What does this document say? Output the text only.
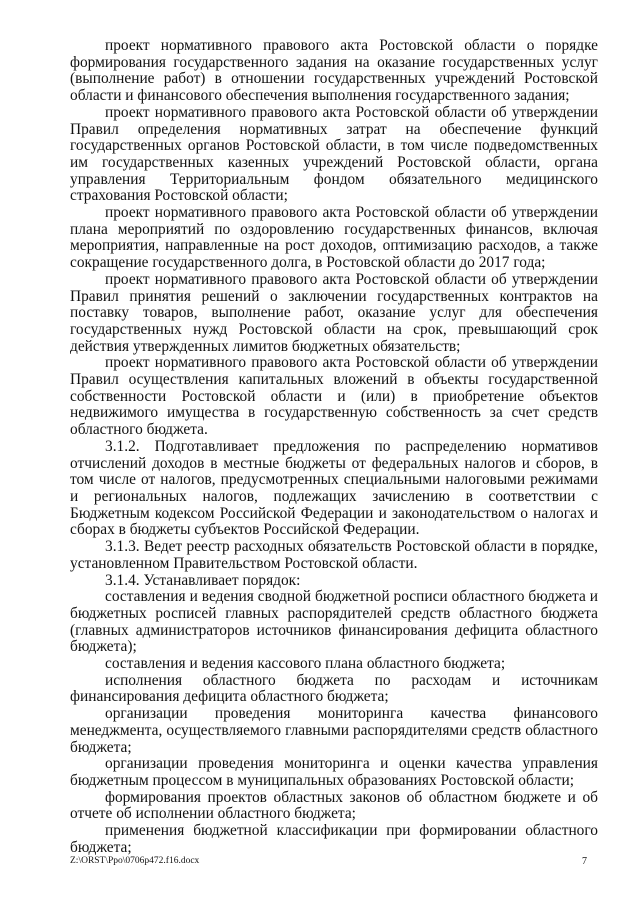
проект нормативного правового акта Ростовской области о порядке формирования государственного задания на оказание государственных услуг (выполнение работ) в отношении государственных учреждений Ростовской области и финансового обеспечения выполнения государственного задания;

проект нормативного правового акта Ростовской области об утверждении Правил определения нормативных затрат на обеспечение функций государственных органов Ростовской области, в том числе подведомственных им государственных казенных учреждений Ростовской области, органа управления Территориальным фондом обязательного медицинского страхования Ростовской области;

проект нормативного правового акта Ростовской области об утверждении плана мероприятий по оздоровлению государственных финансов, включая мероприятия, направленные на рост доходов, оптимизацию расходов, а также сокращение государственного долга, в Ростовской области до 2017 года;

проект нормативного правового акта Ростовской области об утверждении Правил принятия решений о заключении государственных контрактов на поставку товаров, выполнение работ, оказание услуг для обеспечения государственных нужд Ростовской области на срок, превышающий срок действия утвержденных лимитов бюджетных обязательств;

проект нормативного правового акта Ростовской области об утверждении Правил осуществления капитальных вложений в объекты государственной собственности Ростовской области и (или) в приобретение объектов недвижимого имущества в государственную собственность за счет средств областного бюджета.

3.1.2. Подготавливает предложения по распределению нормативов отчислений доходов в местные бюджеты от федеральных налогов и сборов, в том числе от налогов, предусмотренных специальными налоговыми режимами и региональных налогов, подлежащих зачислению в соответствии с Бюджетным кодексом Российской Федерации и законодательством о налогах и сборах в бюджеты субъектов Российской Федерации.

3.1.3. Ведет реестр расходных обязательств Ростовской области в порядке, установленном Правительством Ростовской области.

3.1.4. Устанавливает порядок:

составления и ведения сводной бюджетной росписи областного бюджета и бюджетных росписей главных распорядителей средств областного бюджета (главных администраторов источников финансирования дефицита областного бюджета);

составления и ведения кассового плана областного бюджета;

исполнения областного бюджета по расходам и источникам финансирования дефицита областного бюджета;

организации проведения мониторинга качества финансового менеджмента, осуществляемого главными распорядителями средств областного бюджета;

организации проведения мониторинга и оценки качества управления бюджетным процессом в муниципальных образованиях Ростовской области;

формирования проектов областных законов об областном бюджете и об отчете об исполнении областного бюджета;

применения бюджетной классификации при формировании областного бюджета;

Z:\ORST\Ppo\0706p472.f16.docx	7
